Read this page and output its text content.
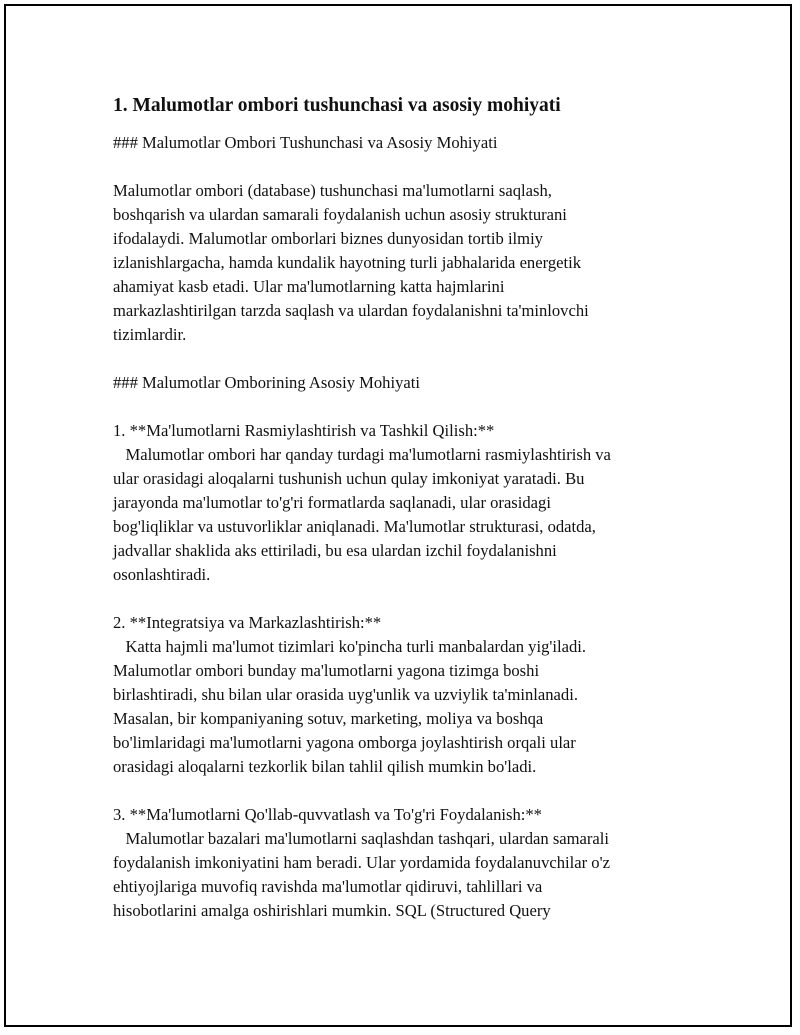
1. Malumotlar ombori tushunchasi va asosiy mohiyati
### Malumotlar Ombori Tushunchasi va Asosiy Mohiyati
Malumotlar ombori (database) tushunchasi ma'lumotlarni saqlash,
boshqarish va ulardan samarali foydalanish uchun asosiy strukturani
ifodalaydi. Malumotlar omborlari biznes dunyosidan tortib ilmiy
izlanishlargacha, hamda kundalik hayotning turli jabhalarida energetik
ahamiyat kasb etadi. Ular ma'lumotlarning katta hajmlarini
markazlashtirilgan tarzda saqlash va ulardan foydalanishni ta'minlovchi
tizimlardir.
### Malumotlar Omborining Asosiy Mohiyati
1. **Ma'lumotlarni Rasmiylashtirish va Tashkil Qilish:**
Malumotlar ombori har qanday turdagi ma'lumotlarni rasmiylashtirish va
ular orasidagi aloqalarni tushunish uchun qulay imkoniyat yaratadi. Bu
jarayonda ma'lumotlar to'g'ri formatlarda saqlanadi, ular orasidagi
bog'liqliklar va ustuvorliklar aniqlanadi. Ma'lumotlar strukturasi, odatda,
jadvallar shaklida aks ettiriladi, bu esa ulardan izchil foydalanishni
osonlashtiradi.
2. **Integratsiya va Markazlashtirish:**
Katta hajmli ma'lumot tizimlari ko'pincha turli manbalardan yig'iladi.
Malumotlar ombori bunday ma'lumotlarni yagona tizimga boshi
birlashtiradi, shu bilan ular orasida uyg'unlik va uzviylik ta'minlanadi.
Masalan, bir kompaniyaning sotuv, marketing, moliya va boshqa
bo'limlaridagi ma'lumotlarni yagona omborga joylashtirish orqali ular
orasidagi aloqalarni tezkorlik bilan tahlil qilish mumkin bo'ladi.
3. **Ma'lumotlarni Qo'llab-quvvatlash va To'g'ri Foydalanish:**
Malumotlar bazalari ma'lumotlarni saqlashdan tashqari, ulardan samarali
foydalanish imkoniyatini ham beradi. Ular yordamida foydalanuvchilar o'z
ehtiyojlariga muvofiq ravishda ma'lumotlar qidiruvi, tahlillari va
hisobotlarini amalga oshirishlari mumkin. SQL (Structured Query
